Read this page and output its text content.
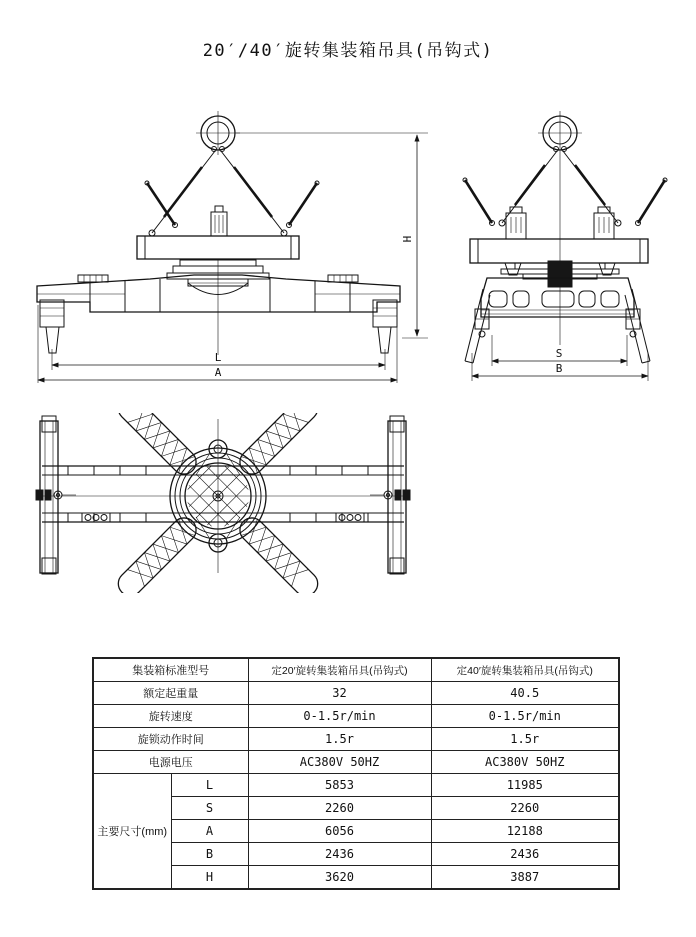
20′/40′旋转集装箱吊具(吊钩式)
L
A
H
S
B
集装箱标准型号		定20′旋转集装箱吊具(吊钩式)	定40′旋转集装箱吊具(吊钩式)
额定起重量		32	40.5
旋转速度		0-1.5r/min	0-1.5r/min
旋锁动作时间		1.5r	1.5r
电源电压		AC380V 50HZ	AC380V 50HZ
主要尺寸(mm)	L	5853	11985
	S	2260	2260
	A	6056	12188
	B	2436	2436
	H	3620	3887
